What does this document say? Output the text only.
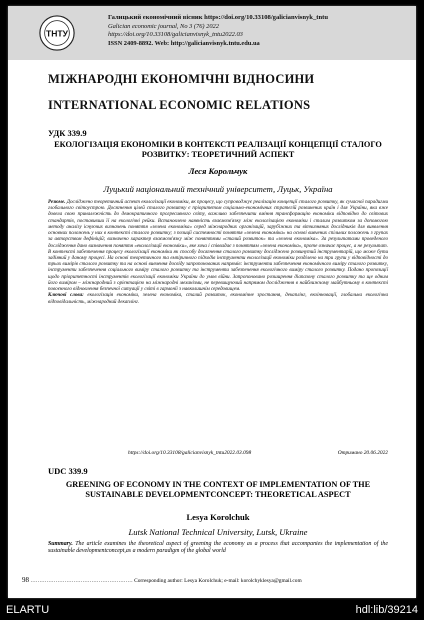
ТНТУ
Галицький економічний вісник https://doi.org/10.33108/galicianvisnyk_tntu
Galician economic journal, No 3 (76) 2022
https://doi.org/10.33108/galicianvisnyk_tntu2022.03
ISSN 2409-8892. Web: http://galicianvisnyk.tntu.edu.ua
МІЖНАРОДНІ ЕКОНОМІЧНІ ВІДНОСИНИ
INTERNATIONAL ECONOMIC RELATIONS
УДК 339.9
ЕКОЛОГІЗАЦІЯ ЕКОНОМІКИ В КОНТЕКСТІ РЕАЛІЗАЦІЇ КОНЦЕПЦІЇ СТАЛОГО РОЗВИТКУ: ТЕОРЕТИЧНИЙ АСПЕКТ
Леся Корольчук
Луцький національний технічний університет, Луцьк, Україна
Резюме. Досліджено теоретичний аспект екологізації економіки, як процесу, що супроводжує реалізацію концепції сталого розвитку, як сучасної парадигми глобального світоустрою. Досягнення цілей сталого розвитку є пріоритетом соціально-економічних стратегій розвинених країн і для України, яка вже довела свою приналежність до демократичного прогресивного світу, важливо забезпечити вміння трансформацію економіки відповідно до світових стандартів, поставивши її на екологічні рейки. Встановлено наявність взаємозв'язку між екологізацією економіки і сталим розвитком за допомогою методу аналізу існуючих визначень поняття «зелена економіка» серед міжнародних організацій, зарубіжних та вітчизняних дослідників для виявлення основних положень у них в контексті сталого розвитку; з позиції системності поняття «зелена економіка» на основі вивчених спільних положень з групах за авторством дефініцій; визначено характер взаємозв'язку між поняттями «сталий розвиток» та «зелена економіка». За результатами проведеного дослідження дано визначення поняття «екологізації економіки», яке хоча і співвадає з поняттям «зелена економіка», проте означає процес, а не результат. В контексті забезпечення процесу екологізації економіки як способу досягнення сталого розвитку досліджено розвинутий інструментарій, що може бути задіяний у даному процесі. На основі теоретичного та емпіричного підходів інструменти екологізації економіки розділено на три групи у відповідності до трьох вимірів сталого розвитку та на основі вивчення досвіду запропонованих напрямів: інструменти забезпечення економічного виміру сталого розвитку, інструменти забезпечення соціального виміру сталого розвитку та інструменти забезпечення екологічного виміру сталого розвитку. Подано пропозиції щодо пріоритетності інструментів екологізації економіки України до умов війни. Запропоновано розширення діапазону сталого розвитку та ще одним його виміром – міжнародний з орієнтацією на міжнародні механізми, не перевищуючий напрямом дослідження в найближчому майбутньому в контексті повоєнного відновлення безпечної ситуації у світі в гармонії з навколишнім середовищем.
Ключові слова: екологізація економіки, зелена економіка, сталий розвиток, економічне зростання, декаплінг, екоінновації, глобальна екологічна відповідальність, міжнародний декаплінг.
https://doi.org/10.33108/galicianvisnyk_tntu2022.03.098	Отримано 20.06.2022
UDC 339.9
GREENING OF ECONOMY IN THE CONTEXT OF IMPLEMENTATION OF THE SUSTAINABLE DEVELOPMENTCONCEPT: THEORETICAL ASPECT
Lesya Korolchuk
Lutsk National Technical University, Lutsk, Ukraine
Summary. The article examines the theoretical aspect of greening the economy as a process that accompanies the implementation of the sustainable developmentconcept,as a modern paradigm of the global world
98 ………………………………………………… Corresponding author: Lesya Korolchuk; e-mail: korolchyklesya@gmail.com
ELARTU	hdl:lib/39214
